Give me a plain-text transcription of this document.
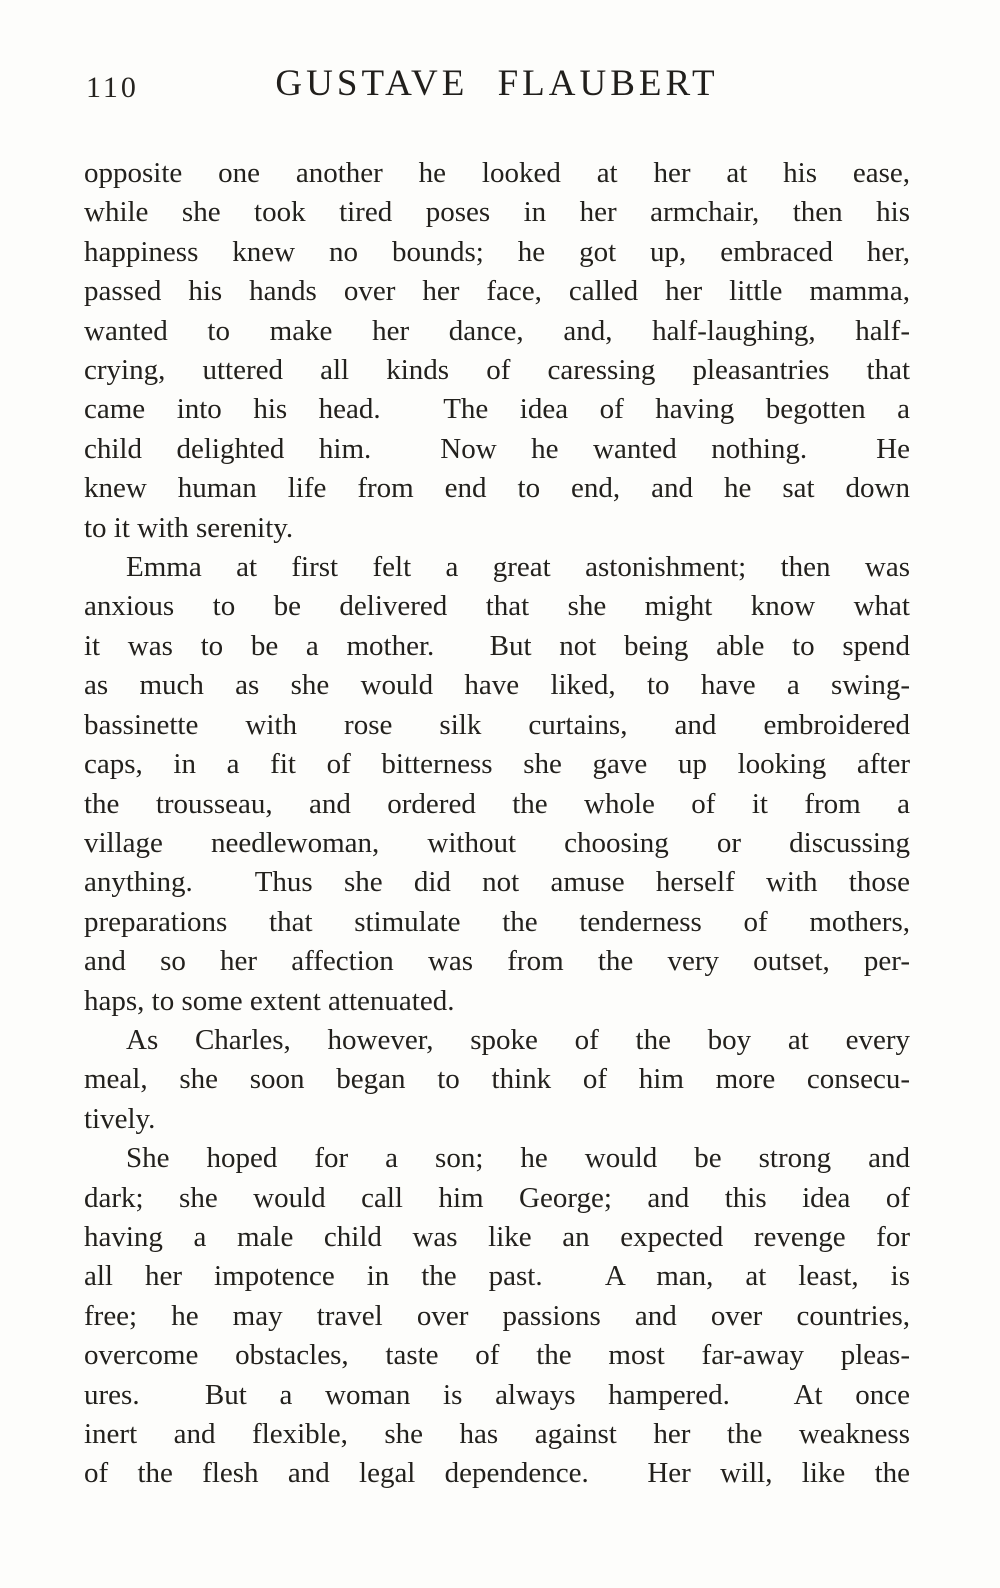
110	GUSTAVE FLAUBERT
opposite one another he looked at her at his ease,
while she took tired poses in her armchair, then his
happiness knew no bounds; he got up, embraced her,
passed his hands over her face, called her little mamma,
wanted to make her dance, and, half-laughing, half-
crying, uttered all kinds of caressing pleasantries that
came into his head.  The idea of having begotten a
child delighted him.  Now he wanted nothing.  He
knew human life from end to end, and he sat down
to it with serenity.
Emma at first felt a great astonishment; then was
anxious to be delivered that she might know what
it was to be a mother.  But not being able to spend
as much as she would have liked, to have a swing-
bassinette with rose silk curtains, and embroidered
caps, in a fit of bitterness she gave up looking after
the trousseau, and ordered the whole of it from a
village needlewoman, without choosing or discussing
anything.  Thus she did not amuse herself with those
preparations that stimulate the tenderness of mothers,
and so her affection was from the very outset, per-
haps, to some extent attenuated.
As Charles, however, spoke of the boy at every
meal, she soon began to think of him more consecu-
tively.
She hoped for a son; he would be strong and
dark; she would call him George; and this idea of
having a male child was like an expected revenge for
all her impotence in the past.  A man, at least, is
free; he may travel over passions and over countries,
overcome obstacles, taste of the most far-away pleas-
ures.  But a woman is always hampered.  At once
inert and flexible, she has against her the weakness
of the flesh and legal dependence.  Her will, like the
